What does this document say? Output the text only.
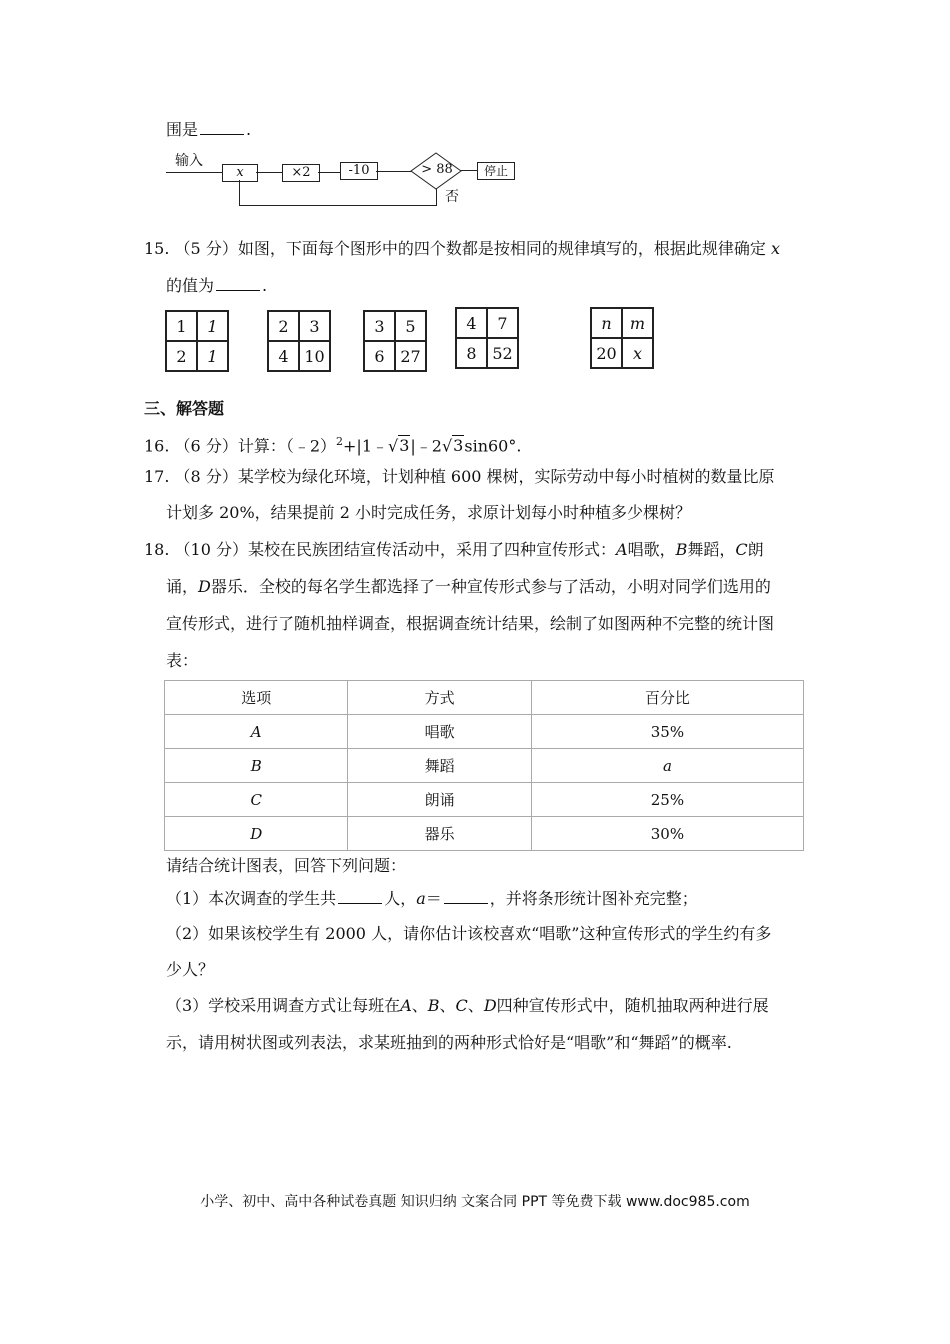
围是	.
输入
x	×2	-10	> 88	停止
否
15. （5 分）如图，下面每个图形中的四个数都是按相同的规律填写的，根据此规律确定 x
的值为	.
1	1
2	1
2	3
4 10
3	5
6 27
4	7
8 52
n	m
20	x
三、解答题
16. （6 分）计算：（﹣2）$^2$+|1﹣√3|﹣2√3sin60°.
17. （8 分）某学校为绿化环境，计划种植 600 棵树，实际劳动中每小时植树的数量比原
计划多 20%，结果提前 2 小时完成任务，求原计划每小时种植多少棵树？
18. （10 分）某校在民族团结宣传活动中，采用了四种宣传形式：A唱歌，B舞蹈，C朗
诵，D器乐．全校的每名学生都选择了一种宣传形式参与了活动，小明对同学们选用的
宣传形式，进行了随机抽样调查，根据调查统计结果，绘制了如图两种不完整的统计图
表：
选项	方式	百分比
A	唱歌	35%
B	舞蹈	a
C	朗诵	25%
D	器乐	30%
请结合统计图表，回答下列问题：
（1）本次调查的学生共	人，a＝	，并将条形统计图补充完整；
（2）如果该校学生有 2000 人，请你估计该校喜欢“唱歌”这种宣传形式的学生约有多
少人？
（3）学校采用调查方式让每班在A、B、C、D四种宣传形式中，随机抽取两种进行展
示，请用树状图或列表法，求某班抽到的两种形式恰好是“唱歌”和“舞蹈”的概率.
小学、初中、高中各种试卷真题 知识归纳 文案合同 PPT 等免费下载 www.doc985.com
